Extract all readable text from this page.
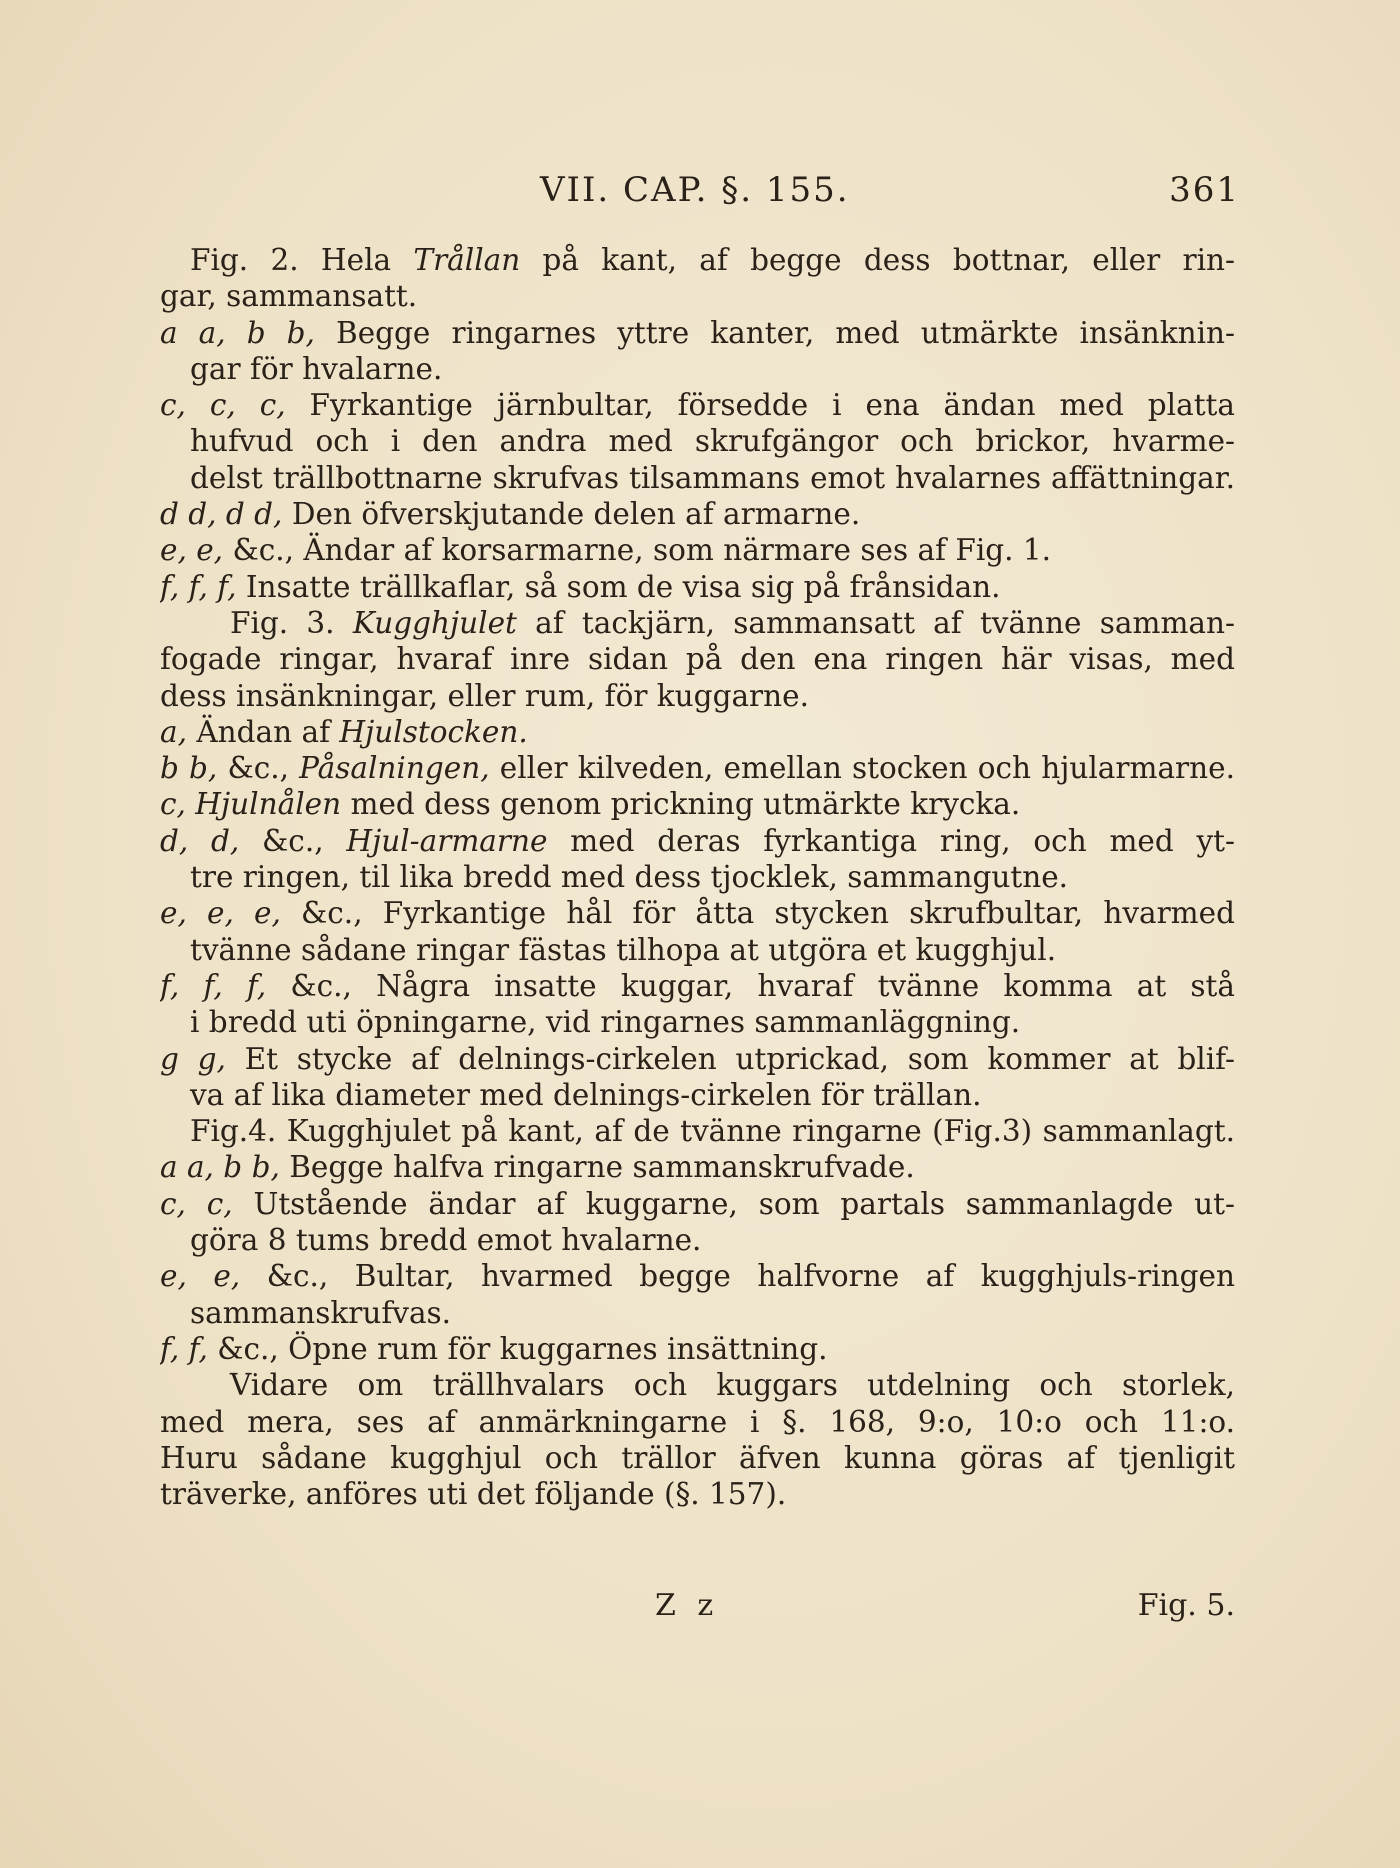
VII. CAP. §. 155.	361
Fig. 2. Hela Trållan på kant, af begge dess bottnar, eller rin-
gar, sammansatt.
a a, b b, Begge ringarnes yttre kanter, med utmärkte insänknin-
gar för hvalarne.
c, c, c, Fyrkantige järnbultar, försedde i ena ändan med platta
hufvud och i den andra med skrufgängor och brickor, hvarme-
delst trällbottnarne skrufvas tilsammans emot hvalarnes affättningar.
d d, d d, Den öfverskjutande delen af armarne.
e, e, &c., Ändar af korsarmarne, som närmare ses af Fig. 1.
f, f, f, Insatte trällkaflar, så som de visa sig på frånsidan.
Fig. 3. Kugghjulet af tackjärn, sammansatt af tvänne samman-
fogade ringar, hvaraf inre sidan på den ena ringen här visas, med
dess insänkningar, eller rum, för kuggarne.
a, Ändan af Hjulstocken.
b b, &c., Påsalningen, eller kilveden, emellan stocken och hjularmarne.
c, Hjulnålen med dess genom prickning utmärkte krycka.
d, d, &c., Hjul-armarne med deras fyrkantiga ring, och med yt-
tre ringen, til lika bredd med dess tjocklek, sammangutne.
e, e, e, &c., Fyrkantige hål för åtta stycken skrufbultar, hvarmed
tvänne sådane ringar fästas tilhopa at utgöra et kugghjul.
f, f, f, &c., Några insatte kuggar, hvaraf tvänne komma at stå
i bredd uti öpningarne, vid ringarnes sammanläggning.
g g, Et stycke af delnings-cirkelen utprickad, som kommer at blif-
va af lika diameter med delnings-cirkelen för trällan.
Fig.4. Kugghjulet på kant, af de tvänne ringarne (Fig.3) sammanlagt.
a a, b b, Begge halfva ringarne sammanskrufvade.
c, c, Utstående ändar af kuggarne, som partals sammanlagde ut-
göra 8 tums bredd emot hvalarne.
e, e, &c., Bultar, hvarmed begge halfvorne af kugghjuls-ringen
sammanskrufvas.
f, f, &c., Öpne rum för kuggarnes insättning.
Vidare om trällhvalars och kuggars utdelning och storlek,
med mera, ses af anmärkningarne i §. 168, 9:o, 10:o och 11:o.
Huru sådane kugghjul och trällor äfven kunna göras af tjenligit
träverke, anföres uti det följande (§. 157).
Z z	Fig. 5.
